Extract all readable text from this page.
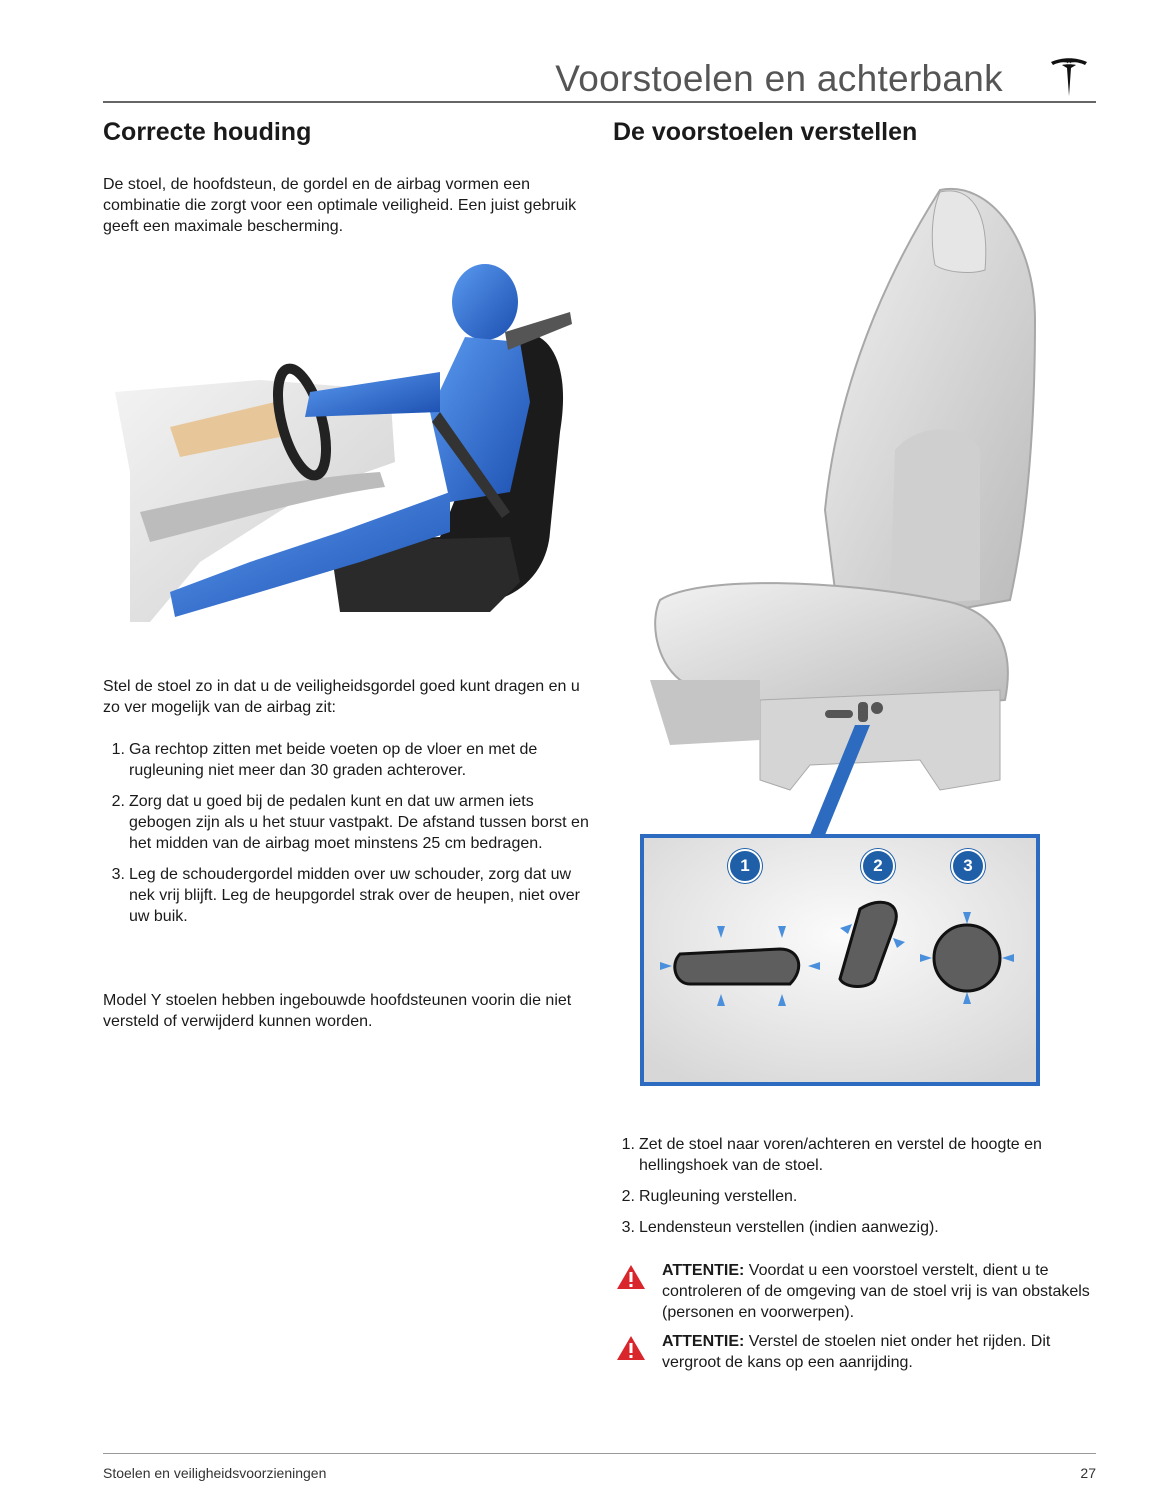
Voorstoelen en achterbank
Correcte houding

De stoel, de hoofdsteun, de gordel en de airbag vormen een combinatie die zorgt voor een optimale veiligheid. Een juist gebruik geeft een maximale bescherming.

Stel de stoel zo in dat u de veiligheidsgordel goed kunt dragen en u zo ver mogelijk van de airbag zit:

1. Ga rechtop zitten met beide voeten op de vloer en met de rugleuning niet meer dan 30 graden achterover.
2. Zorg dat u goed bij de pedalen kunt en dat uw armen iets gebogen zijn als u het stuur vastpakt. De afstand tussen borst en het midden van de airbag moet minstens 25 cm bedragen.
3. Leg de schoudergordel midden over uw schouder, zorg dat uw nek vrij blijft. Leg de heupgordel strak over de heupen, niet over uw buik.

Model Y stoelen hebben ingebouwde hoofdsteunen voorin die niet versteld of verwijderd kunnen worden.

De voorstoelen verstellen
1	2	3
1. Zet de stoel naar voren/achteren en verstel de hoogte en hellingshoek van de stoel.
2. Rugleuning verstellen.
3. Lendensteun verstellen (indien aanwezig).
ATTENTIE: Voordat u een voorstoel verstelt, dient u te controleren of de omgeving van de stoel vrij is van obstakels (personen en voorwerpen).
ATTENTIE: Verstel de stoelen niet onder het rijden. Dit vergroot de kans op een aanrijding.
Stoelen en veiligheidsvoorzieningen	27
